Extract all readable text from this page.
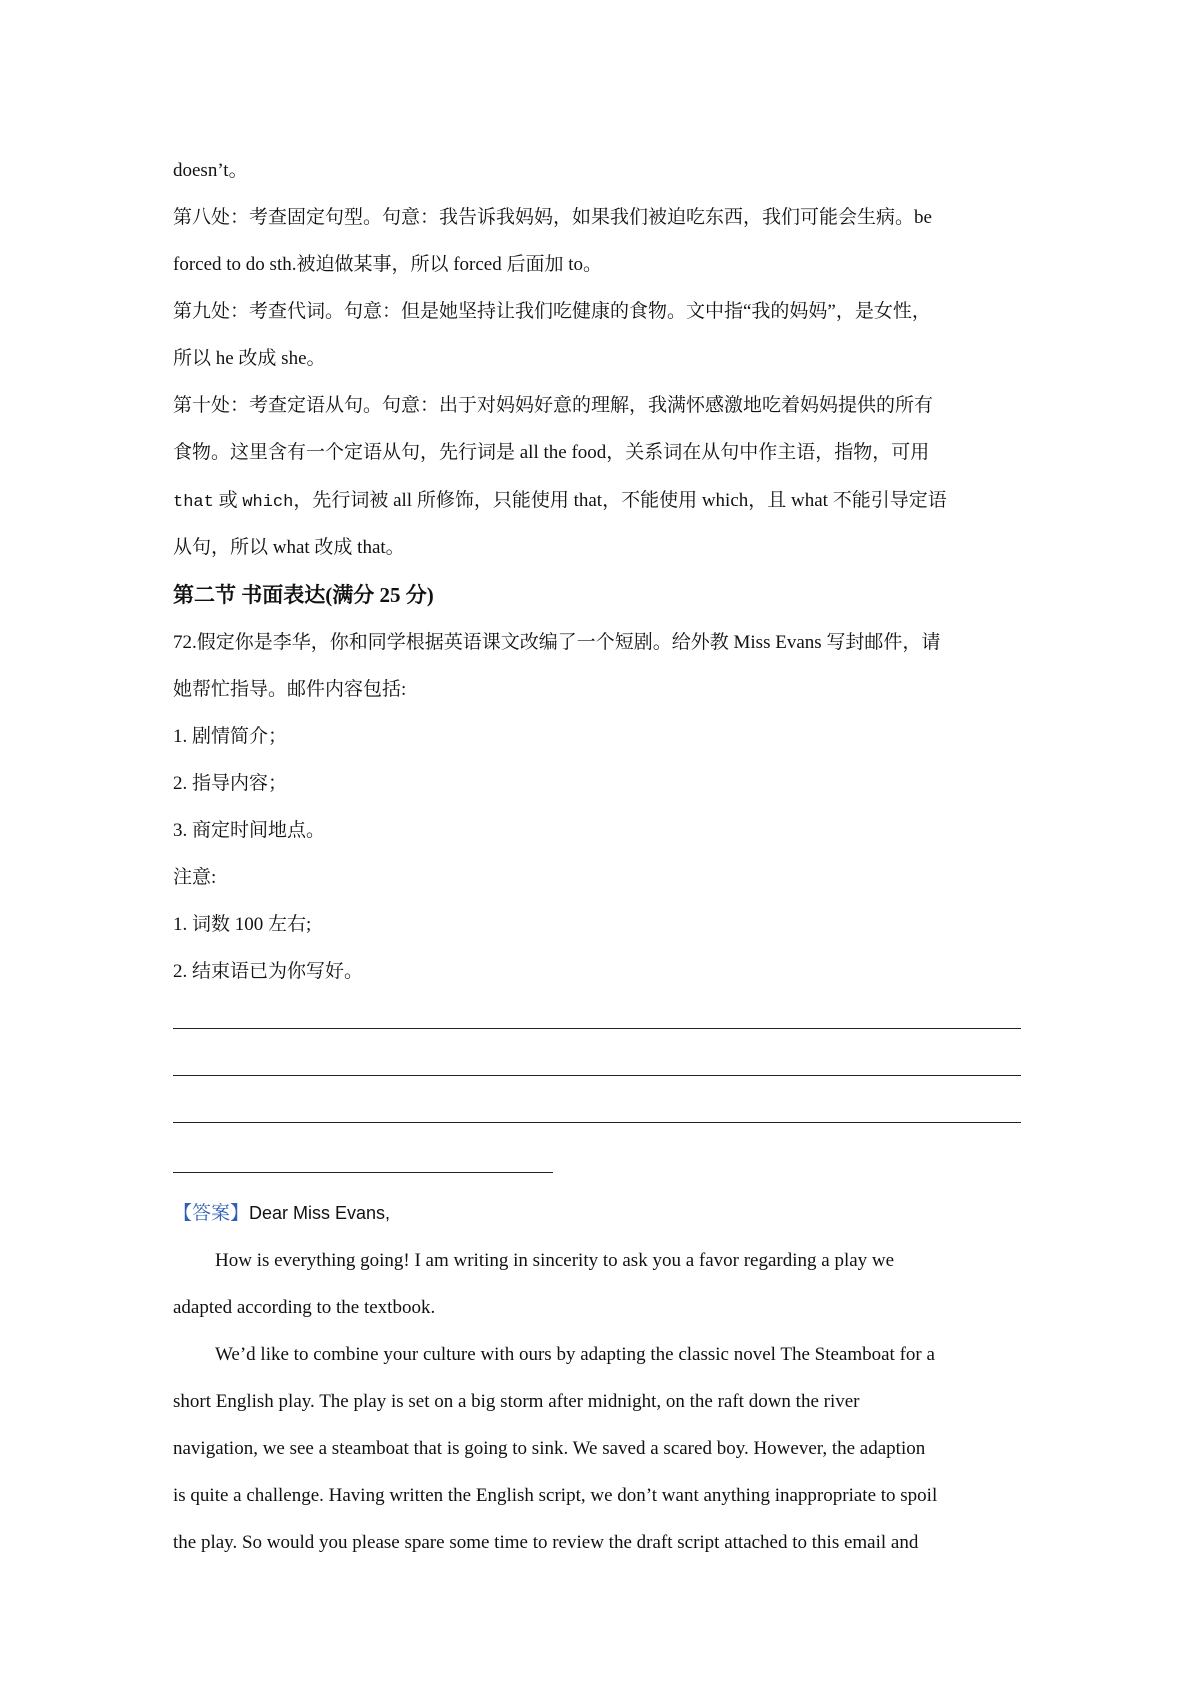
doesn’t。
第八处：考查固定句型。句意：我告诉我妈妈，如果我们被迫吃东西，我们可能会生病。be
forced to do sth.被迫做某事，所以 forced 后面加 to。
第九处：考查代词。句意：但是她坚持让我们吃健康的食物。文中指“我的妈妈”，是女性，
所以 he 改成 she。
第十处：考查定语从句。句意：出于对妈妈好意的理解，我满怀感激地吃着妈妈提供的所有
食物。这里含有一个定语从句，先行词是 all the food，关系词在从句中作主语，指物，可用
that 或 which，先行词被 all 所修饰，只能使用 that，不能使用 which，且 what 不能引导定语
从句，所以 what 改成 that。
第二节 书面表达(满分 25 分)
72.假定你是李华，你和同学根据英语课文改编了一个短剧。给外教 Miss Evans 写封邮件，请
她帮忙指导。邮件内容包括:
1. 剧情简介；
2. 指导内容；
3. 商定时间地点。
注意:
1. 词数 100 左右;
2. 结束语已为你写好。
【答案】Dear Miss Evans,
How is everything going! I am writing in sincerity to ask you a favor regarding a play we
adapted according to the textbook.
We’d like to combine your culture with ours by adapting the classic novel The Steamboat for a
short English play. The play is set on a big storm after midnight, on the raft down the river
navigation, we see a steamboat that is going to sink. We saved a scared boy. However, the adaption
is quite a challenge. Having written the English script, we don’t want anything inappropriate to spoil
the play. So would you please spare some time to review the draft script attached to this email and
